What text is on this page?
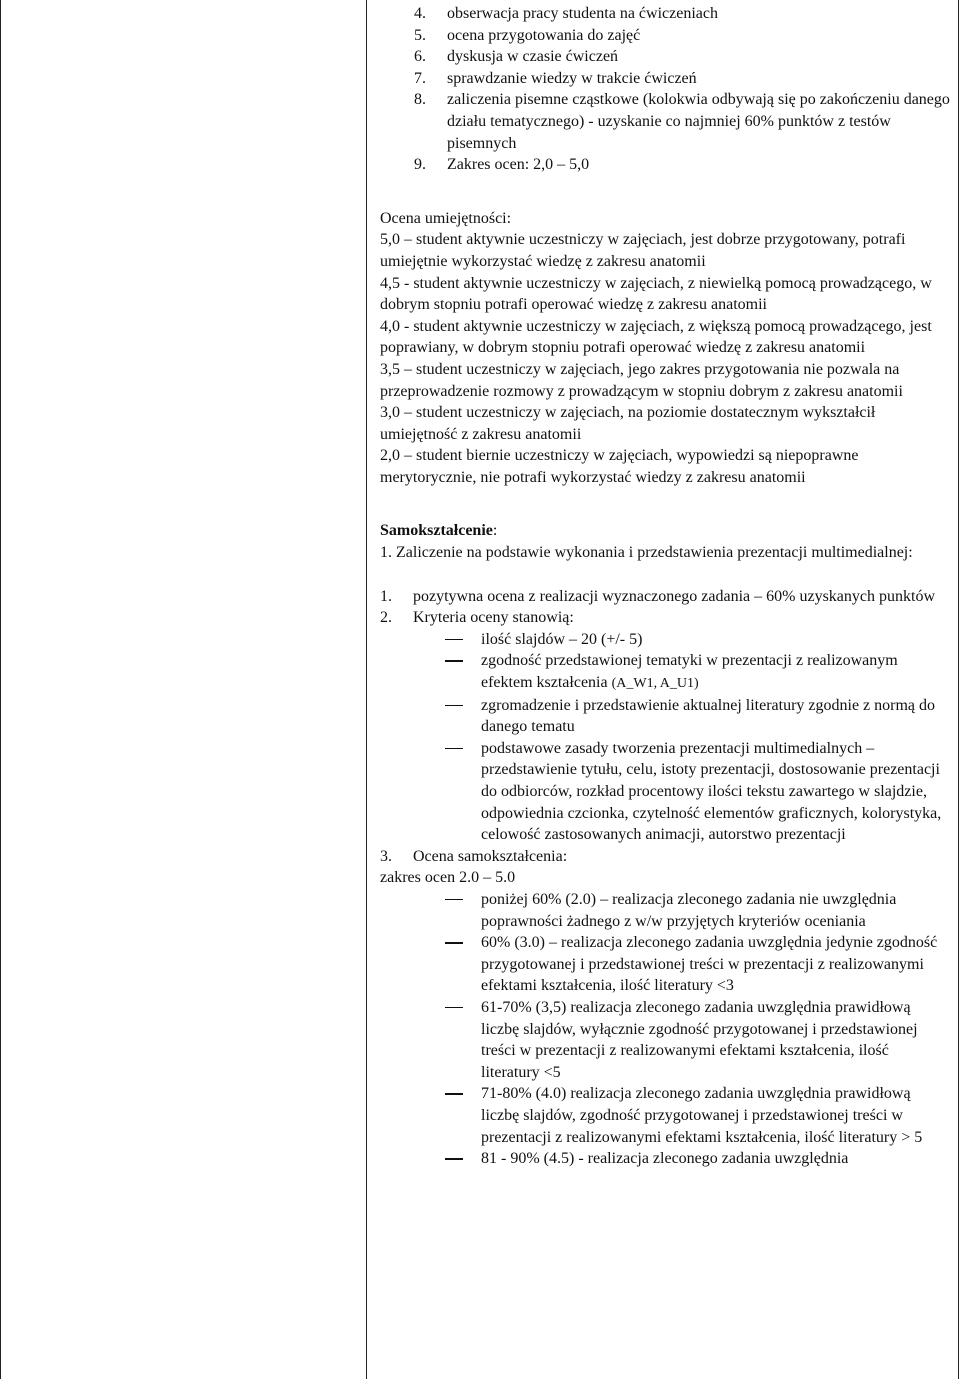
4. obserwacja pracy studenta na ćwiczeniach
5. ocena przygotowania do zajęć
6. dyskusja w czasie ćwiczeń
7. sprawdzanie wiedzy w trakcie ćwiczeń
8. zaliczenia pisemne cząstkowe (kolokwia odbywają się po zakończeniu danego działu tematycznego) - uzyskanie co najmniej 60% punktów z testów pisemnych
9. Zakres ocen: 2,0 – 5,0
Ocena umiejętności:
5,0 – student aktywnie uczestniczy w zajęciach, jest dobrze przygotowany, potrafi umiejętnie wykorzystać wiedzę z zakresu anatomii
4,5 - student aktywnie uczestniczy w zajęciach, z niewielką pomocą prowadzącego, w dobrym stopniu potrafi operować wiedzę z zakresu anatomii
4,0 - student aktywnie uczestniczy w zajęciach, z większą pomocą prowadzącego, jest poprawiany, w dobrym stopniu potrafi operować wiedzę z zakresu anatomii
3,5 – student uczestniczy w zajęciach, jego zakres przygotowania nie pozwala na przeprowadzenie rozmowy z prowadzącym w stopniu dobrym z zakresu anatomii
3,0 – student uczestniczy w zajęciach, na poziomie dostatecznym wykształcił umiejętność z zakresu anatomii
2,0 – student biernie uczestniczy w zajęciach, wypowiedzi są niepoprawne merytorycznie, nie potrafi wykorzystać wiedzy z zakresu anatomii
Samokształcenie:
1. Zaliczenie na podstawie wykonania i przedstawienia prezentacji multimedialnej:
1. pozytywna ocena z realizacji wyznaczonego zadania – 60% uzyskanych punktów
2. Kryteria oceny stanowią:
ilość slajdów – 20 (+/- 5)
zgodność przedstawionej tematyki w prezentacji z realizowanym efektem kształcenia (A_W1, A_U1)
zgromadzenie i przedstawienie aktualnej literatury zgodnie z normą do danego tematu
podstawowe zasady tworzenia prezentacji multimedialnych – przedstawienie tytułu, celu, istoty prezentacji, dostosowanie prezentacji do odbiorców, rozkład procentowy ilości tekstu zawartego w slajdzie, odpowiednia czcionka, czytelność elementów graficznych, kolorystyka, celowość zastosowanych animacji, autorstwo prezentacji
3. Ocena samokształcenia:
zakres ocen 2.0 – 5.0
poniżej 60% (2.0) – realizacja zleconego zadania nie uwzględnia poprawności żadnego z w/w przyjętych kryteriów oceniania
60% (3.0) – realizacja zleconego zadania uwzględnia jedynie zgodność przygotowanej i przedstawionej treści w prezentacji z realizowanymi efektami kształcenia, ilość literatury <3
61-70% (3,5) realizacja zleconego zadania uwzględnia prawidłową liczbę slajdów, wyłącznie zgodność przygotowanej i przedstawionej treści w prezentacji z realizowanymi efektami kształcenia, ilość literatury <5
71-80% (4.0) realizacja zleconego zadania uwzględnia prawidłową liczbę slajdów, zgodność przygotowanej i przedstawionej treści w prezentacji z realizowanymi efektami kształcenia, ilość literatury > 5
81 - 90% (4.5) - realizacja zleconego zadania uwzględnia
